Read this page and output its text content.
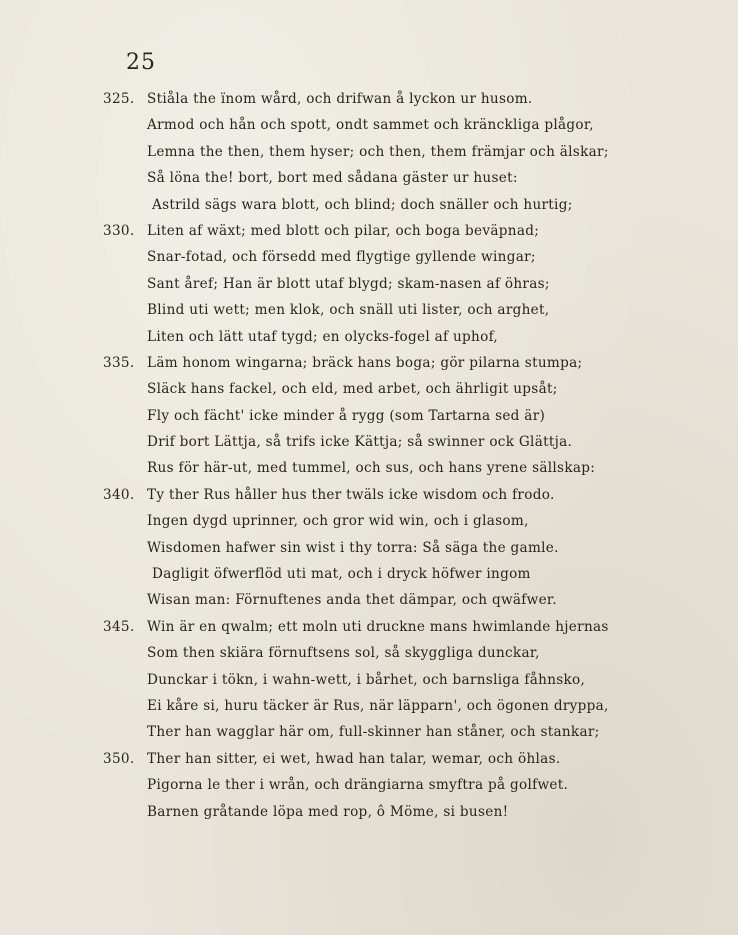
25
325. Stiåla the ïnom wård, och drifwan å lyckon ur husom.
Armod och hån och spott, ondt sammet och kränckliga plågor,
Lemna the then, them hyser; och then, them främjar och älskar;
Så löna the! bort, bort med sådana gäster ur huset:
Astrild sägs wara blott, och blind; doch snäller och hurtig;
330. Liten af wäxt; med blott och pilar, och boga beväpnad;
Snar-fotad, och försedd med flygtige gyllende wingar;
Sant åref; Han är blott utaf blygd; skam-nasen af öhras;
Blind uti wett; men klok, och snäll uti lister, och arghet,
Liten och lätt utaf tygd; en olycks-fogel af uphof,
335. Läm honom wingarna; bräck hans boga; gör pilarna stumpa;
Släck hans fackel, och eld, med arbet, och ährligit upsåt;
Fly och fächt' icke minder å rygg (som Tartarna sed är)
Drif bort Lättja, så trifs icke Kättja; så swinner ock Glättja.
Rus för här-ut, med tummel, och sus, och hans yrene sällskap:
340. Ty ther Rus håller hus ther twäls icke wisdom och frodo.
Ingen dygd uprinner, och gror wid win, och i glasom,
Wisdomen hafwer sin wist i thy torra: Så säga the gamle.
Dagligit öfwerflöd uti mat, och i dryck höfwer ingom
Wisan man: Förnuftenes anda thet dämpar, och qwäfwer.
345. Win är en qwalm; ett moln uti druckne mans hwimlande hjernas
Som then skiära förnuftsens sol, så skyggliga dunckar,
Dunckar i tökn, i wahn-wett, i bårhet, och barnsliga fåhnsko,
Ei kåre si, huru täcker är Rus, när läpparn', och ögonen dryppa,
Ther han wagglar här om, full-skinner han ståner, och stankar;
350. Ther han sitter, ei wet, hwad han talar, wemar, och öhlas.
Pigorna le ther i wrån, och drängiarna smyftra på golfwet.
Barnen gråtande löpa med rop, ô Möme, si busen!
